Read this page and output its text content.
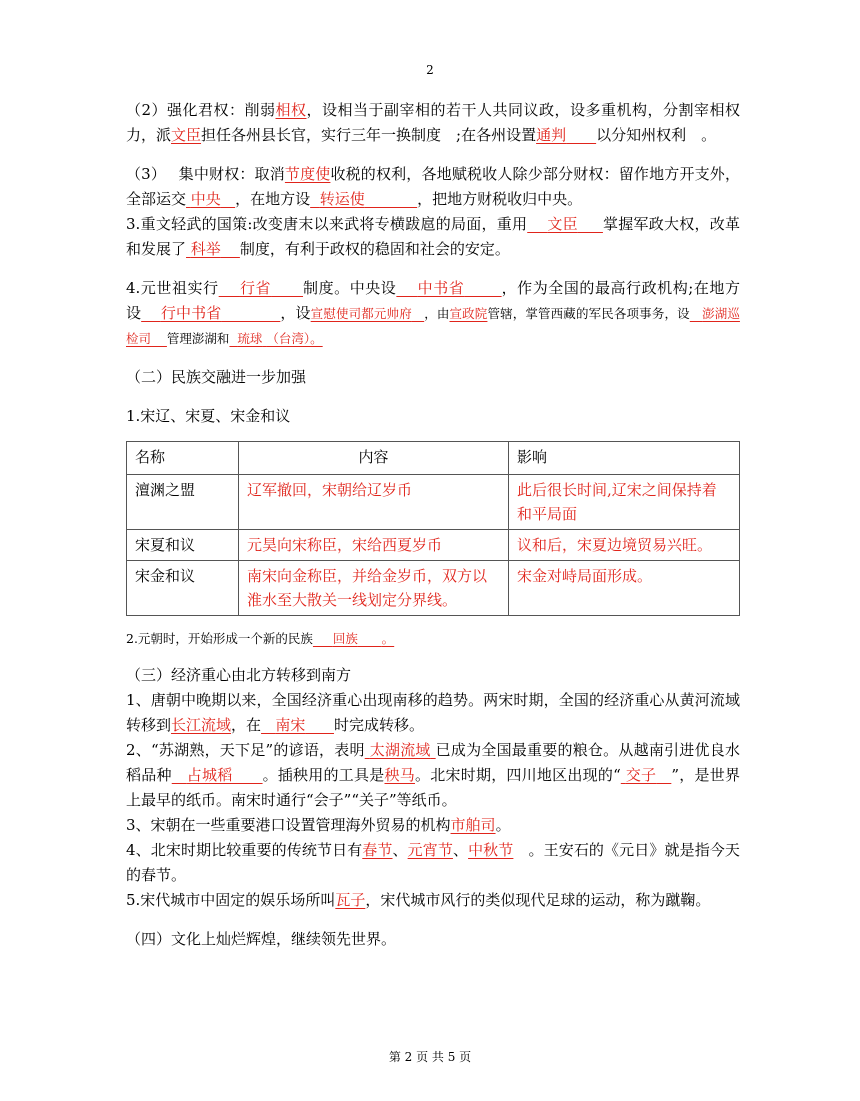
2

（2）强化君权：削弱相权，设相当于副宰相的若干人共同议政，设多重机构，分割宰相权力，派文臣担任各州县长官，实行三年一换制度　;在各州设置通判　　 以分知州权利　。

（3）　 集中财权：取消节度使收税的权利，各地赋税收人除少部分财权：留作地方开支外，全部运交 中央 ，在地方设 转运使	，把地方财税收归中央。

3.重文轻武的国策:改变唐末以来武将专横跋扈的局面，重用 文臣 掌握军政大权，改革和发展了 科举 制度，有利于政权的稳固和社会的安定。

4.元世祖实行 行省 制度。中央设 中书省 ，作为全国的最高行政机构;在地方设 行中书省	，设宣慰使司都元帅府 ，由宣政院管辖，掌管西藏的军民各项事务，设 澎湖巡检司 管理澎湖和 琉球 （台湾）。

（二）民族交融进一步加强

1.宋辽、宋夏、宋金和议

名称	内容	影响
澶渊之盟	辽军撤回，宋朝给辽岁币	此后很长时间,辽宋之间保持着和平局面
宋夏和议	元昊向宋称臣，宋给西夏岁币	议和后，宋夏边境贸易兴旺。
宋金和议	南宋向金称臣，并给金岁币，双方以淮水至大散关一线划定分界线。	宋金对峙局面形成。

2.元朝时，开始形成一个新的民族 回族 。

（三）经济重心由北方转移到南方

1、唐朝中晚期以来，全国经济重心出现南移的趋势。两宋时期，全国的经济重心从黄河流域转移到长江流域，在 南宋 时完成转移。

2、“苏湖熟，天下足”的谚语，表明 太湖流域 已成为全国最重要的粮仓。从越南引进优良水稻品种 占城稻 。插秧用的工具是秧马。北宋时期，四川地区出现的“ 交子 ”，是世界上最早的纸币。南宋时通行“会子”“关子”等纸币。

3、宋朝在一些重要港口设置管理海外贸易的机构市舶司。

4、北宋时期比较重要的传统节日有春节、元宵节、中秋节　。王安石的《元日》就是指今天的春节。

5.宋代城市中固定的娱乐场所叫瓦子，宋代城市风行的类似现代足球的运动，称为蹴鞠。

（四）文化上灿烂辉煌，继续领先世界。

第 2 页 共 5 页
